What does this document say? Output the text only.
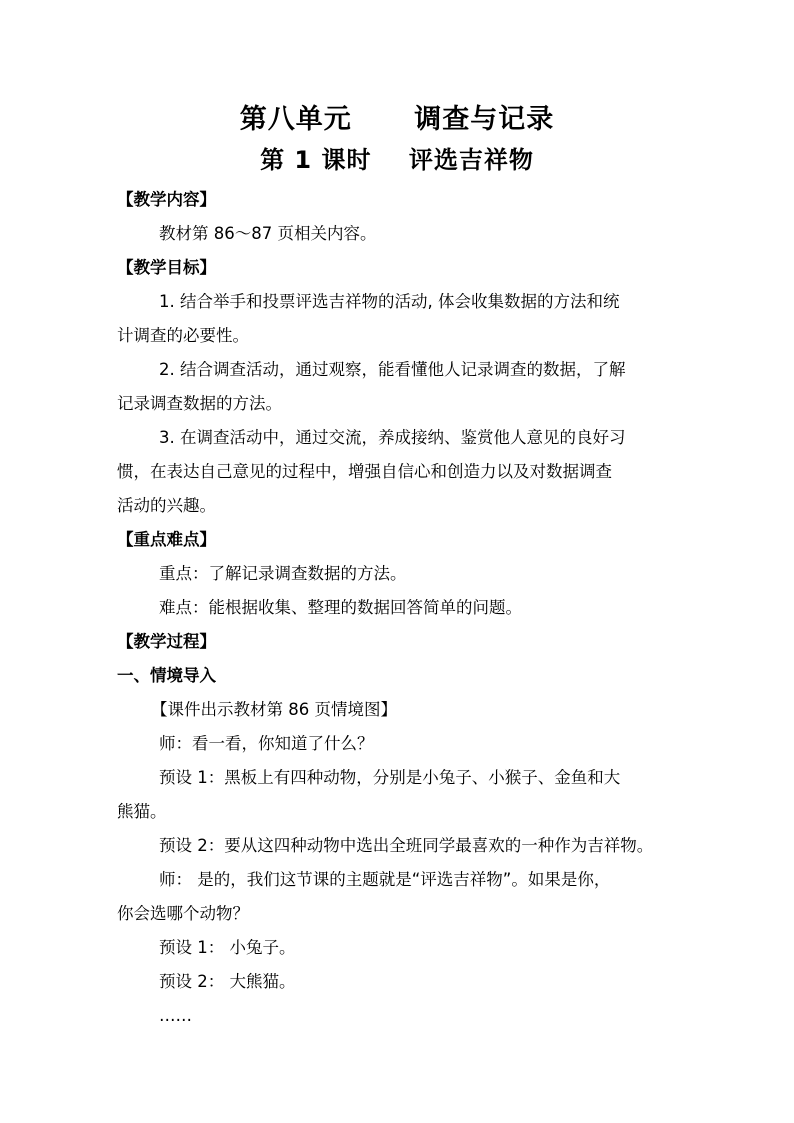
第八单元      调查与记录
第 1 课时    评选吉祥物
【教学内容】
教材第 86～87 页相关内容。
【教学目标】
1. 结合举手和投票评选吉祥物的活动, 体会收集数据的方法和统
计调查的必要性。
2. 结合调查活动，通过观察，能看懂他人记录调查的数据，了解
记录调查数据的方法。
3. 在调查活动中，通过交流，养成接纳、鉴赏他人意见的良好习
惯，在表达自己意见的过程中，增强自信心和创造力以及对数据调查
活动的兴趣。
【重点难点】
重点：了解记录调查数据的方法。
难点：能根据收集、整理的数据回答简单的问题。
【教学过程】
一、情境导入
【课件出示教材第 86 页情境图】
师：看一看，你知道了什么？
预设 1：黑板上有四种动物，分别是小兔子、小猴子、金鱼和大
熊猫。
预设 2：要从这四种动物中选出全班同学最喜欢的一种作为吉祥物。
师： 是的，我们这节课的主题就是“评选吉祥物”。如果是你，
你会选哪个动物？
预设 1： 小兔子。
预设 2： 大熊猫。
……
